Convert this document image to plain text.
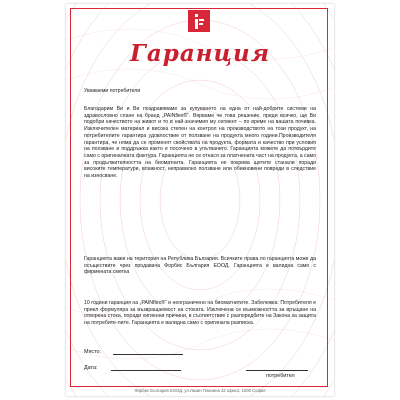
Гаранция

Уважаеми потребители

Благодарим Ви и Ви поздравяваме за купуването на една от най-добрите системи на здравословно спане на бранд „PAINflex®“. Вярваме че това решение, преди всичко, ще Ви подобри качеството на живот и то в най-значимия му сегмент – по време на вашата почивка. Изключителен материал и висока степен на контрол на производството на този продукт, на потребителите гарантира удовлоствие от ползване на продукта много години.Производителя гарантира, че няма да се променят свойствата на продукта, формата и качество при условия на ползване и поддръжка както е посочено в упътването. Гаранцията можете да потвърдите само с оригиналната фактура. Гаранцията не се отнася за платнената част на продукта, а само за продължителността на биоматнита. Гаранцията не покрива щетите станали поради високите температури, влажност, неправилно ползване или обикновени повреди в следствие на износване.

Гаранцията важи на територия на Република България. Всичките права по гаранцията може да осъществите чрез продавача Форбис България ЕООД. Гаранцията е валидна само с фирмената сметка

10 години гаранция на „PAINflex®“ и неограничено на биоматнитите. Забележка: Потребителя е приел формуляра за възвращаемост на стоката. Изключена се възможността за връщане на отворена стока, поради хигиенни причини, в съответствие с разпоредбите на Закона за защита на потребите-лите. Гаранцията е валидна само с оригинала разписка.

Място:
Дата:
потребител
Форбис България ЕООД, ул.Лазин Планина 42 офис2, 1000 София
